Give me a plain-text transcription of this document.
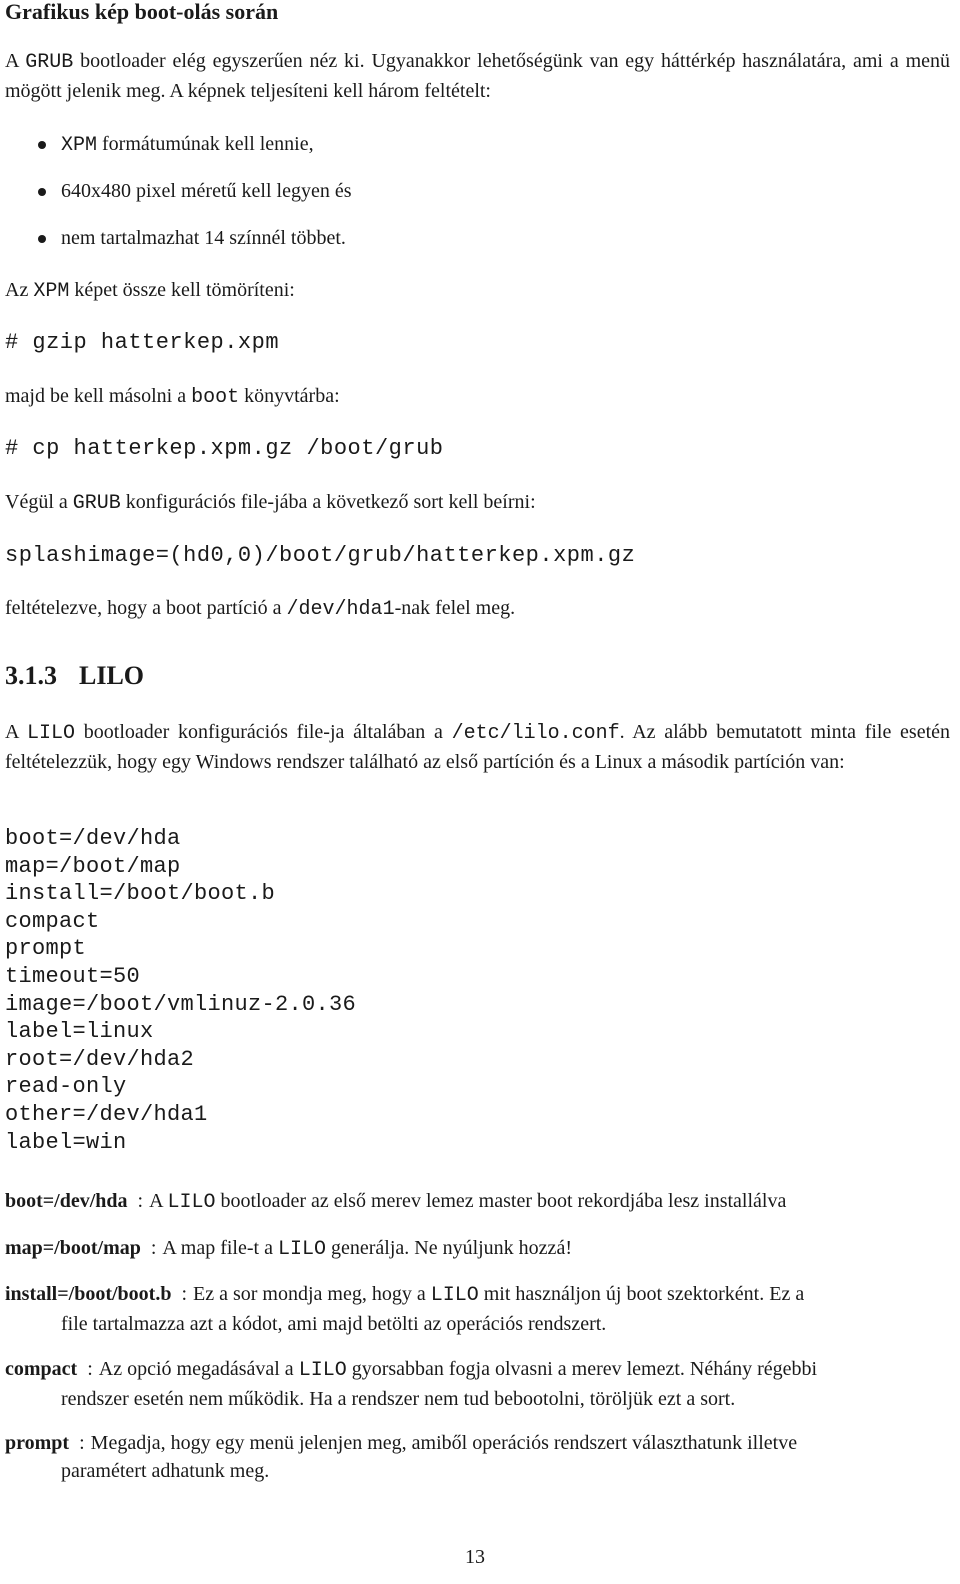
Grafikus kép boot-olás során

A GRUB bootloader elég egyszerűen néz ki. Ugyanakkor lehetőségünk van egy háttérkép használatára, ami a menü mögött jelenik meg. A képnek teljesíteni kell három feltételt:

XPM formátumúnak kell lennie,
640x480 pixel méretű kell legyen és
nem tartalmazhat 14 színnél többet.

Az XPM képet össze kell tömöríteni:

# gzip hatterkep.xpm

majd be kell másolni a boot könyvtárba:

# cp hatterkep.xpm.gz /boot/grub

Végül a GRUB konfigurációs file-jába a következő sort kell beírni:

splashimage=(hd0,0)/boot/grub/hatterkep.xpm.gz

feltételezve, hogy a boot partíció a /dev/hda1-nak felel meg.

3.1.3 LILO

A LILO bootloader konfigurációs file-ja általában a /etc/lilo.conf. Az alább bemutatott minta file esetén feltételezzük, hogy egy Windows rendszer található az első partíción és a Linux a második partíción van:

boot=/dev/hda
map=/boot/map
install=/boot/boot.b
compact
prompt
timeout=50
image=/boot/vmlinuz-2.0.36
label=linux
root=/dev/hda2
read-only
other=/dev/hda1
label=win
boot=/dev/hda : A LILO bootloader az első merev lemez master boot rekordjába lesz installálva
map=/boot/map : A map file-t a LILO generálja. Ne nyúljunk hozzá!
install=/boot/boot.b : Ez a sor mondja meg, hogy a LILO mit használjon új boot szektorként. Ez a
file tartalmazza azt a kódot, ami majd betölti az operációs rendszert.
compact : Az opció megadásával a LILO gyorsabban fogja olvasni a merev lemezt. Néhány régebbi
rendszer esetén nem működik. Ha a rendszer nem tud bebootolni, töröljük ezt a sort.
prompt : Megadja, hogy egy menü jelenjen meg, amiből operációs rendszert választhatunk illetve
paramétert adhatunk meg.
13
